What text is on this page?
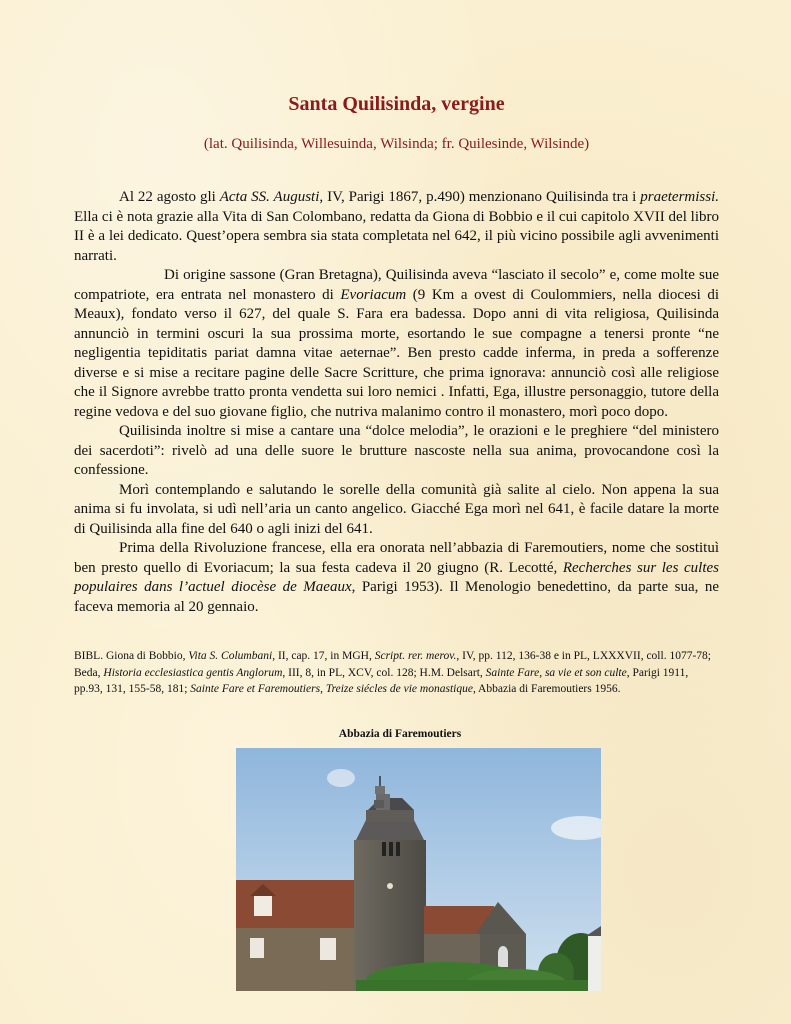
Santa Quilisinda, vergine
(lat. Quilisinda, Willesuinda, Wilsinda; fr. Quilesinde, Wilsinde)

Al 22 agosto gli Acta SS. Augusti, IV, Parigi 1867, p.490) menzionano Quilisinda tra i praetermissi. Ella ci è nota grazie alla Vita di San Colombano, redatta da Giona di Bobbio e il cui capitolo XVII del libro II è a lei dedicato. Quest’opera sembra sia stata completata nel 642, il più vicino possibile agli avvenimenti narrati.

Di origine sassone (Gran Bretagna), Quilisinda aveva “lasciato il secolo” e, come molte sue compatriote, era entrata nel monastero di Evoriacum (9 Km a ovest di Coulommiers, nella diocesi di Meaux), fondato verso il 627, del quale S. Fara era badessa. Dopo anni di vita religiosa, Quilisinda annunciò in termini oscuri la sua prossima morte, esortando le sue compagne a tenersi pronte “ne negligentia tepiditatis pariat damna vitae aeternae”. Ben presto cadde inferma, in preda a sofferenze diverse e si mise a recitare pagine delle Sacre Scritture, che prima ignorava: annunciò così alle religiose che il Signore avrebbe tratto pronta vendetta sui loro nemici . Infatti, Ega, illustre personaggio, tutore della regine vedova e del suo giovane figlio, che nutriva malanimo contro il monastero, morì poco dopo.

Quilisinda inoltre si mise a cantare una “dolce melodia”, le orazioni e le preghiere “del ministero dei sacerdoti”: rivelò ad una delle suore le brutture nascoste nella sua anima, provocandone così la confessione.

Morì contemplando e salutando le sorelle della comunità già salite al cielo. Non appena la sua anima si fu involata, si udì nell’aria un canto angelico. Giacché Ega morì nel 641, è facile datare la morte di Quilisinda alla fine del 640 o agli inizi del 641.

Prima della Rivoluzione francese, ella era onorata nell’abbazia di Faremoutiers, nome che sostituì ben presto quello di Evoriacum; la sua festa cadeva il 20 giugno (R. Lecotté, Recherches sur les cultes populaires dans l’actuel diocèse de Maeaux, Parigi 1953). Il Menologio benedettino, da parte sua, ne faceva memoria al 20 gennaio.

BIBL. Giona di Bobbio, Vita S. Columbani, II, cap. 17, in MGH, Script. rer. merov., IV, pp. 112, 136-38 e in PL, LXXXVII, coll. 1077-78; Beda, Historia ecclesiastica gentis Anglorum, III, 8, in PL, XCV, col. 128; H.M. Delsart, Sainte Fare, sa vie et son culte, Parigi 1911, pp.93, 131, 155-58, 181; Sainte Fare et Faremoutiers, Treize siécles de vie monastique, Abbazia di Faremoutiers 1956.
Abbazia di Faremoutiers
